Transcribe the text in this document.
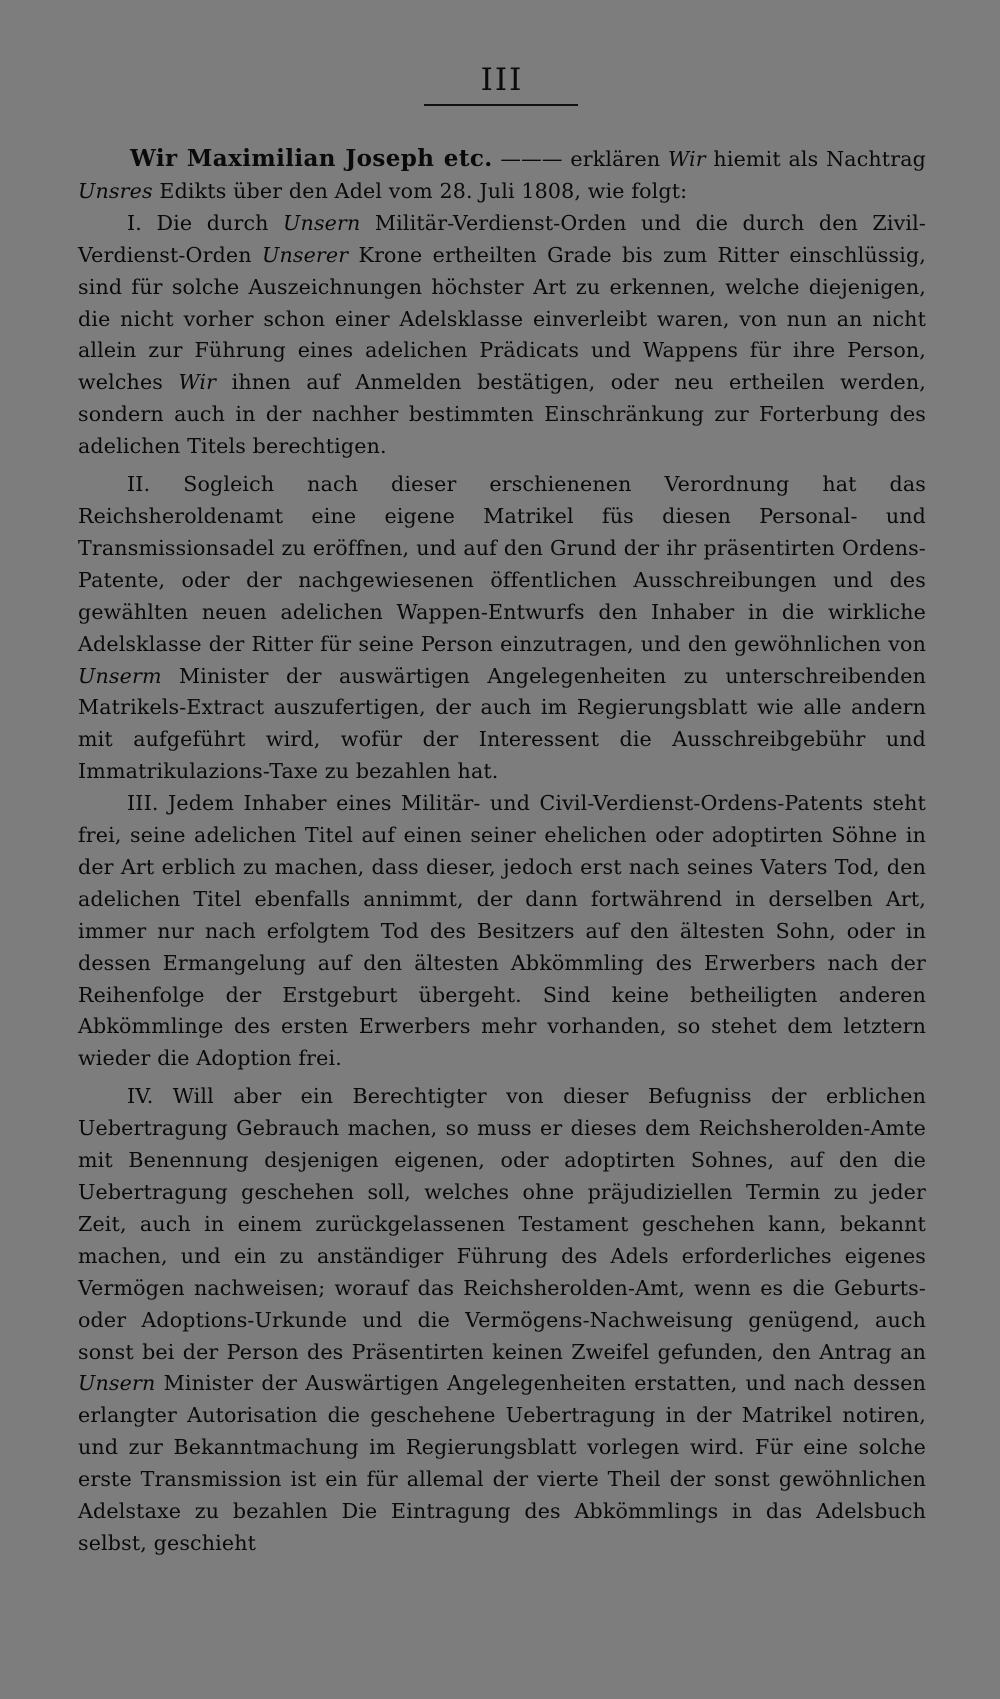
III

Wir Maximilian Joseph etc. ——— erklären Wir hiemit als Nachtrag Unsres Edikts über den Adel vom 28. Juli 1808, wie folgt:

I. Die durch Unsern Militär-Verdienst-Orden und die durch den Zivil-Verdienst-Orden Unserer Krone ertheilten Grade bis zum Ritter einschlüssig, sind für solche Auszeichnungen höchster Art zu erkennen, welche diejenigen, die nicht vorher schon einer Adelsklasse einverleibt waren, von nun an nicht allein zur Führung eines adelichen Prädicats und Wappens für ihre Person, welches Wir ihnen auf Anmelden bestätigen, oder neu ertheilen werden, sondern auch in der nachher bestimmten Einschränkung zur Forterbung des adelichen Titels berechtigen.

II. Sogleich nach dieser erschienenen Verordnung hat das Reichsheroldenamt eine eigene Matrikel füs diesen Personal- und Transmissionsadel zu eröffnen, und auf den Grund der ihr präsentirten Ordens-Patente, oder der nachgewiesenen öffentlichen Ausschreibungen und des gewählten neuen adelichen Wappen-Entwurfs den Inhaber in die wirkliche Adelsklasse der Ritter für seine Person einzutragen, und den gewöhnlichen von Unserm Minister der auswärtigen Angelegenheiten zu unterschreibenden Matrikels-Extract auszufertigen, der auch im Regierungsblatt wie alle andern mit aufgeführt wird, wofür der Interessent die Ausschreibgebühr und Immatrikulazions-Taxe zu bezahlen hat.

III. Jedem Inhaber eines Militär- und Civil-Verdienst-Ordens-Patents steht frei, seine adelichen Titel auf einen seiner ehelichen oder adoptirten Söhne in der Art erblich zu machen, dass dieser, jedoch erst nach seines Vaters Tod, den adelichen Titel ebenfalls annimmt, der dann fortwährend in derselben Art, immer nur nach erfolgtem Tod des Besitzers auf den ältesten Sohn, oder in dessen Ermangelung auf den ältesten Abkömmling des Erwerbers nach der Reihenfolge der Erstgeburt übergeht. Sind keine betheiligten anderen Abkömmlinge des ersten Erwerbers mehr vorhanden, so stehet dem letztern wieder die Adoption frei.

IV. Will aber ein Berechtigter von dieser Befugniss der erblichen Uebertragung Gebrauch machen, so muss er dieses dem Reichsherolden-Amte mit Benennung desjenigen eigenen, oder adoptirten Sohnes, auf den die Uebertragung geschehen soll, welches ohne präjudiziellen Termin zu jeder Zeit, auch in einem zurückgelassenen Testament geschehen kann, bekannt machen, und ein zu anständiger Führung des Adels erforderliches eigenes Vermögen nachweisen; worauf das Reichsherolden-Amt, wenn es die Geburts- oder Adoptions-Urkunde und die Vermögens-Nachweisung genügend, auch sonst bei der Person des Präsentirten keinen Zweifel gefunden, den Antrag an Unsern Minister der Auswärtigen Angelegenheiten erstatten, und nach dessen erlangter Autorisation die geschehene Uebertragung in der Matrikel notiren, und zur Bekanntmachung im Regierungsblatt vorlegen wird. Für eine solche erste Transmission ist ein für allemal der vierte Theil der sonst gewöhnlichen Adelstaxe zu bezahlen Die Eintragung des Abkömmlings in das Adelsbuch selbst, geschieht
